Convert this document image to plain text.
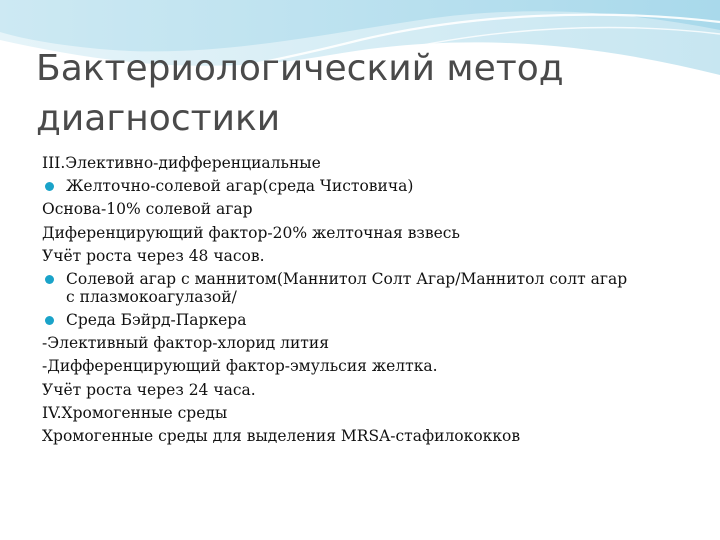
Бактериологический метод
диагностики
III.Элективно-дифференциальные
Желточно-солевой агар(среда Чистовича)
Основа-10% солевой агар
Диференцирующий фактор-20% желточная взвесь
Учёт роста через 48 часов.
Солевой агар с маннитом(Маннитол Солт Агар/Маннитол солт агар
с плазмокоагулазой/
Среда Бэйрд-Паркера
-Элективный фактор-хлорид лития
-Дифференцирующий фактор-эмульсия желтка.
Учёт роста через 24 часа.
IV.Хромогенные среды
Хромогенные среды для выделения MRSA-стафилококков
